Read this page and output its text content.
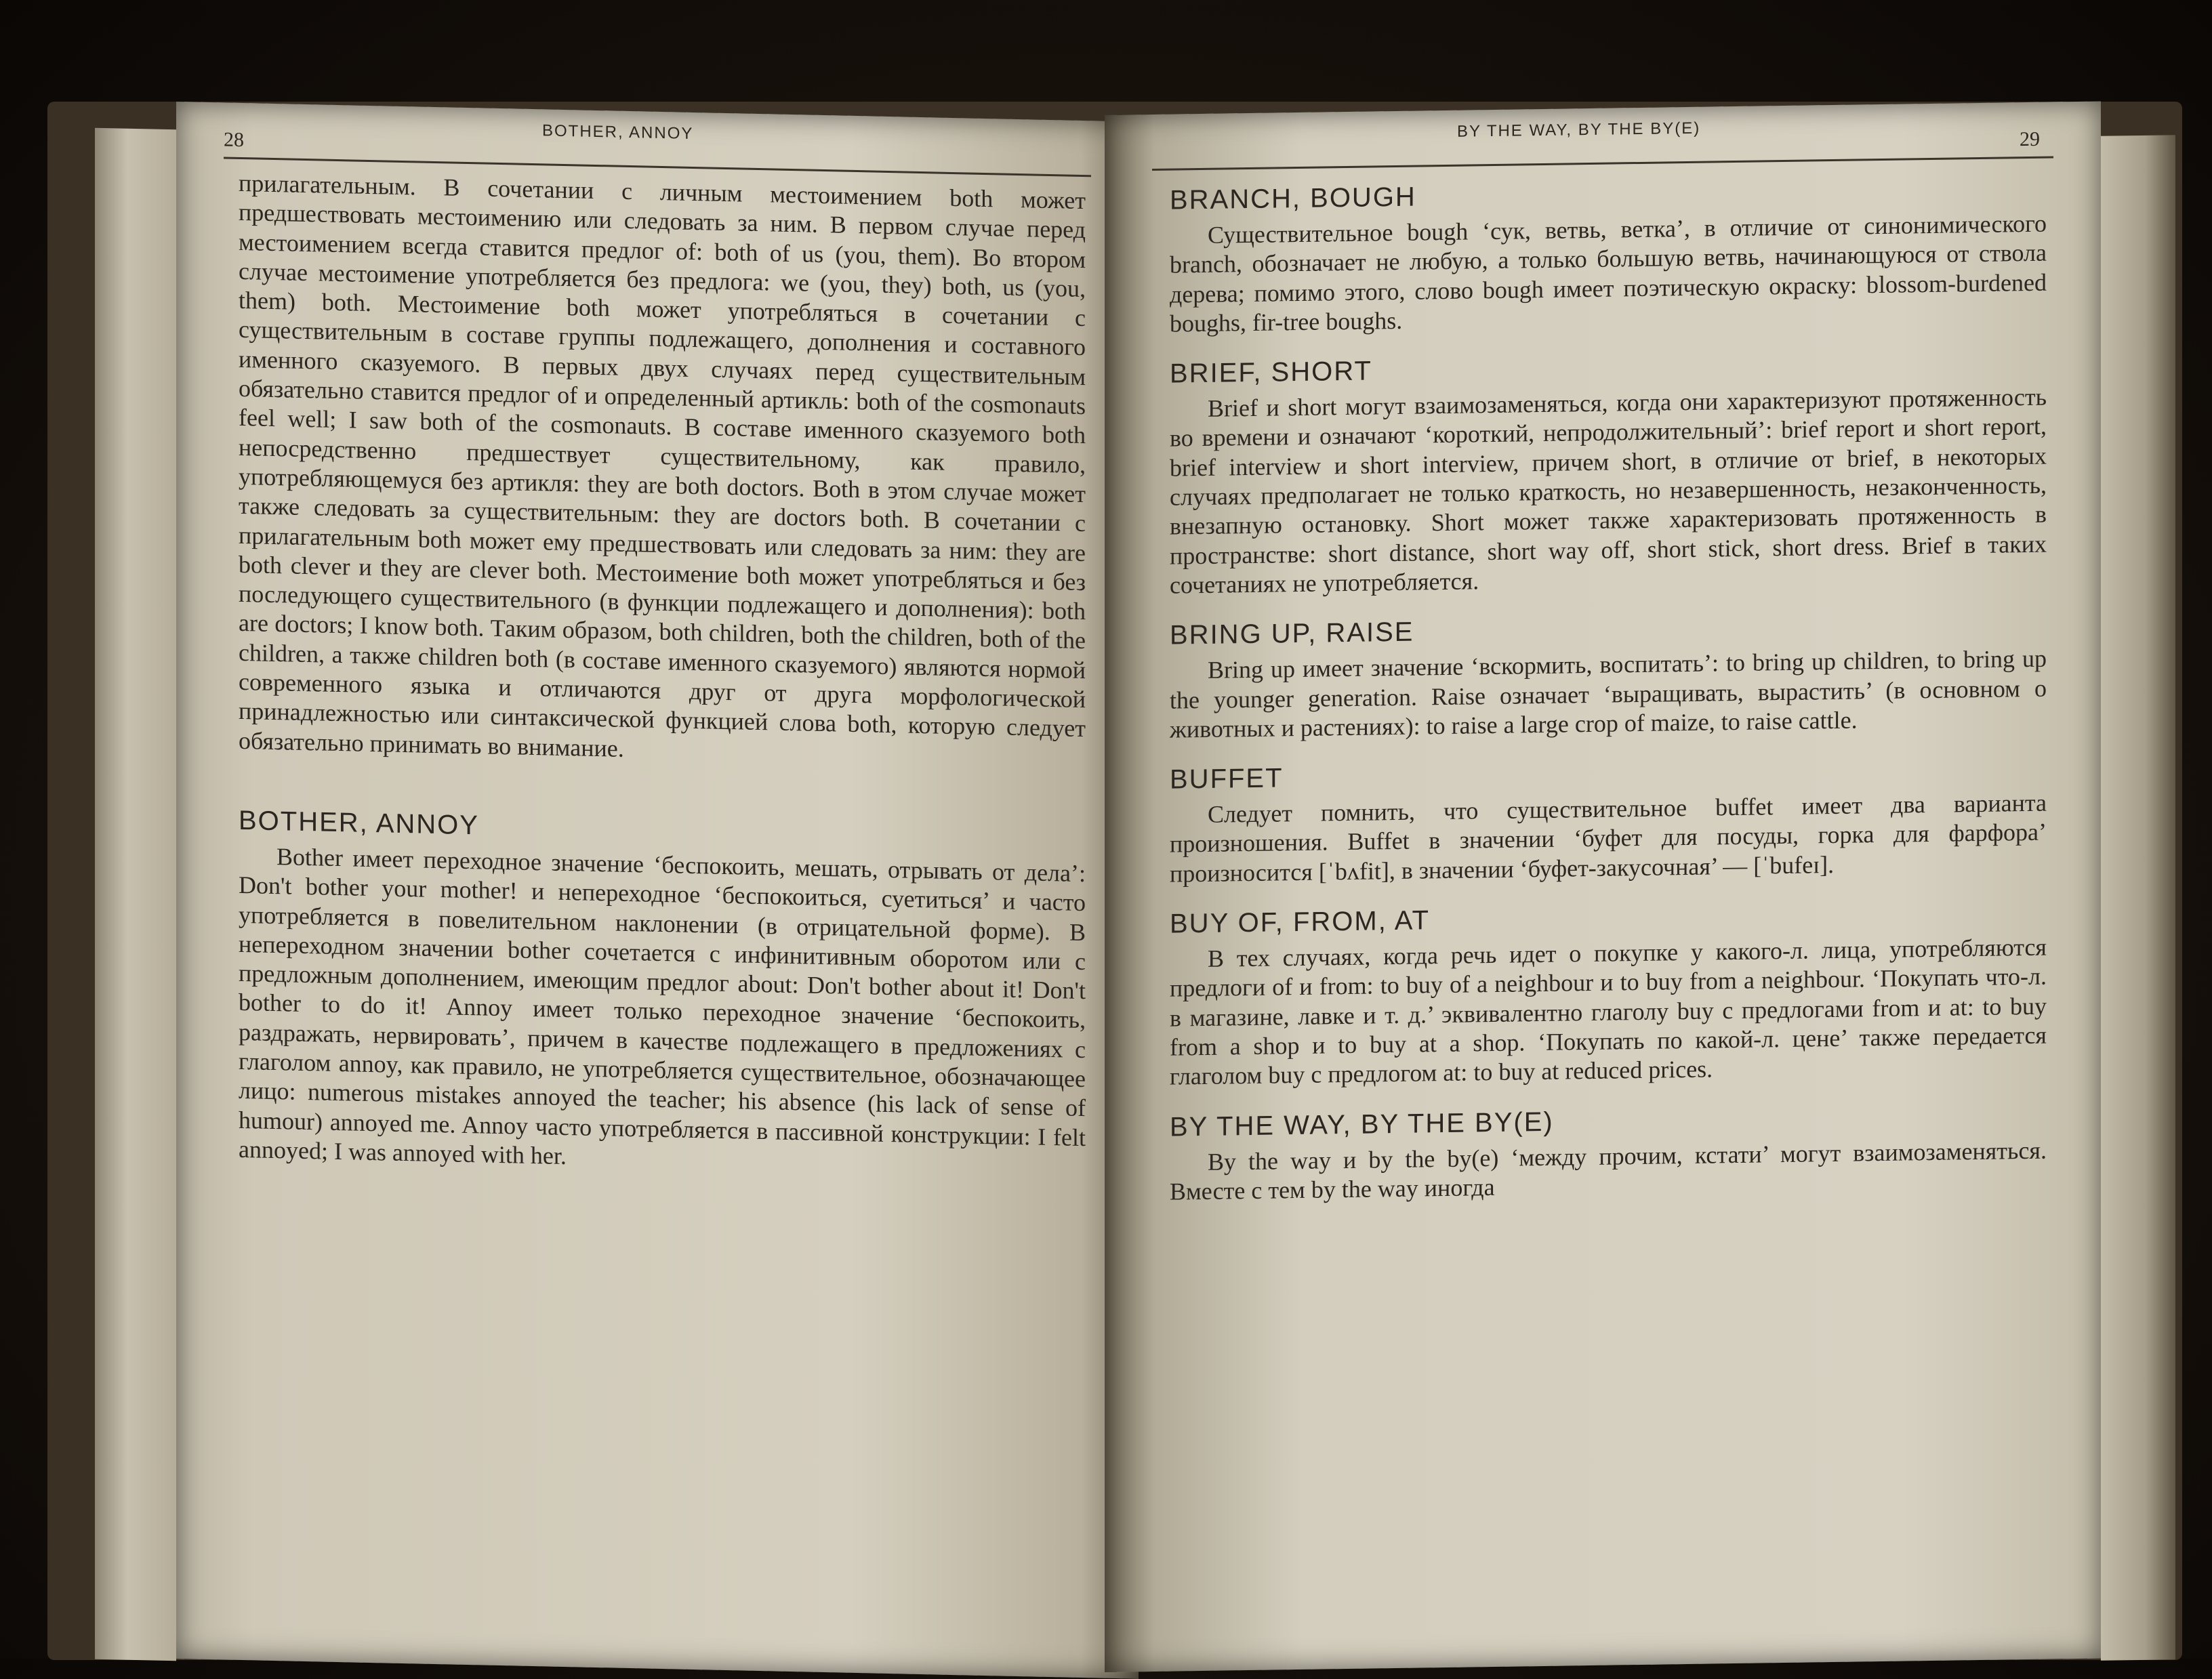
BOTHER, ANNOY
28

прилагательным. В сочетании с личным местоимением both может предшествовать местоимению или следовать за ним. В первом случае перед местоимением всегда ставится предлог of: both of us (you, them). Во втором случае местоимение употребляется без предлога: we (you, they) both, us (you, them) both. Местоимение both может употребляться в сочетании с существительным в составе группы подлежащего, дополнения и составного именного сказуемого. В первых двух случаях перед существительным обязательно ставится предлог of и определенный артикль: both of the cosmonauts feel well; I saw both of the cosmonauts. В составе именного сказуемого both непосредственно предшествует существительному, как правило, употребляющемуся без артикля: they are both doctors. Both в этом случае может также следовать за существительным: they are doctors both. В сочетании с прилагательным both может ему предшествовать или следовать за ним: they are both clever и they are clever both. Местоимение both может употребляться и без последующего существительного (в функции подлежащего и дополнения): both are doctors; I know both. Таким образом, both children, both the children, both of the children, а также children both (в составе именного сказуемого) являются нормой современного языка и отличаются друг от друга морфологической принадлежностью или синтаксической функцией слова both, которую следует обязательно принимать во внимание.

BOTHER, ANNOY

Bother имеет переходное значение ‘беспокоить, мешать, отрывать от дела’: Don't bother your mother! и непереходное ‘беспокоиться, суетиться’ и часто употребляется в повелительном наклонении (в отрицательной форме). В непереходном значении bother сочетается с инфинитивным оборотом или с предложным дополнением, имеющим предлог about: Don't bother about it! Don't bother to do it! Annoy имеет только переходное значение ‘беспокоить, раздражать, нервировать’, причем в качестве подлежащего в предложениях с глаголом annoy, как правило, не употребляется существительное, обозначающее лицо: numerous mistakes annoyed the teacher; his absence (his lack of sense of humour) annoyed me. Annoy часто употребляется в пассивной конструкции: I felt annoyed; I was annoyed with her.

BY THE WAY, BY THE BY(E)	29
BRANCH, BOUGH

Существительное bough ‘сук, ветвь, ветка’, в отличие от синонимического branch, обозначает не любую, а только большую ветвь, начинающуюся от ствола дерева; помимо этого, слово bough имеет поэтическую окраску: blossom-burdened boughs, fir-tree boughs.

BRIEF, SHORT

Brief и short могут взаимозаменяться, когда они характеризуют протяженность во времени и означают ‘короткий, непродолжительный’: brief report и short report, brief interview и short interview, причем short, в отличие от brief, в некоторых случаях предполагает не только краткость, но незавершенность, незаконченность, внезапную остановку. Short может также характеризовать протяженность в пространстве: short distance, short way off, short stick, short dress. Brief в таких сочетаниях не употребляется.

BRING UP, RAISE

Bring up имеет значение ‘вскормить, воспитать’: to bring up children, to bring up the younger generation. Raise означает ‘выращивать, вырастить’ (в основном о животных и растениях): to raise a large crop of maize, to raise cattle.

BUFFET

Следует помнить, что существительное buffet имеет два варианта произношения. Buffet в значении ‘буфет для посуды, горка для фарфора’ произносится [ˈbʌfit], в значении ‘буфет-закусочная’ — [ˈbufeɪ].

BUY OF, FROM, AT

В тех случаях, когда речь идет о покупке у какого-л. лица, употребляются предлоги of и from: to buy of a neighbour и to buy from a neighbour. ‘Покупать что-л. в магазине, лавке и т. д.’ эквивалентно глаголу buy с предлогами from и at: to buy from a shop и to buy at a shop. ‘Покупать по какой-л. цене’ также передается глаголом buy с предлогом at: to buy at reduced prices.

BY THE WAY, BY THE BY(E)

By the way и by the by(e) ‘между прочим, кстати’ могут взаимозаменяться. Вместе с тем by the way иногда
